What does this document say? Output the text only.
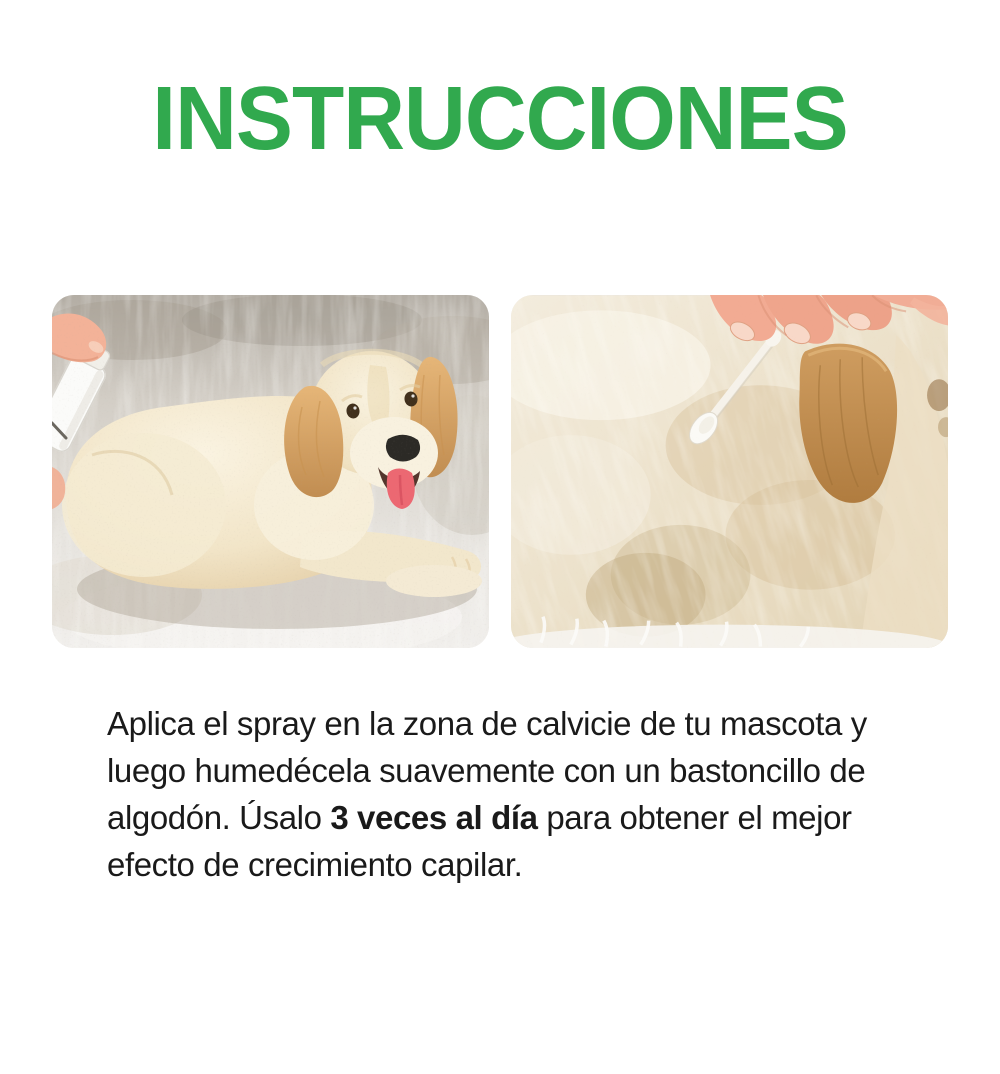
INSTRUCCIONES

Aplica el spray en la zona de calvicie de tu mascota y
luego humedécela suavemente con un bastoncillo de
algodón. Úsalo 3 veces al día para obtener el mejor
efecto de crecimiento capilar.
